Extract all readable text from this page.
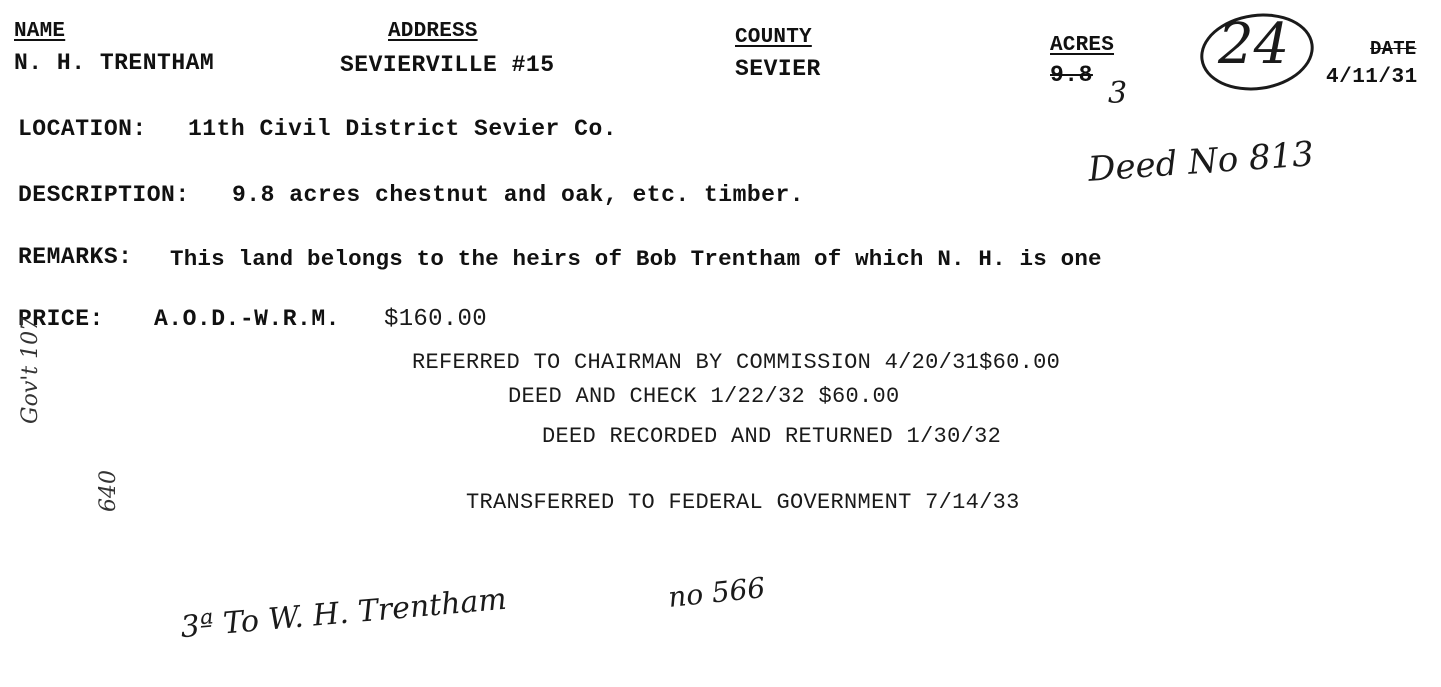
NAME
N. H. TRENTHAM
ADDRESS
SEVIERVILLE #15
COUNTY
SEVIER
ACRES
9.8
3
24	DATE
4/11/31
Deed No 813
LOCATION: 11th Civil District Sevier Co.
DESCRIPTION: 9.8 acres chestnut and oak, etc. timber.
REMARKS: This land belongs to the heirs of Bob Trentham of which N. H. is one
PRICE: A.O.D.-W.R.M. $160.00
REFERRED TO CHAIRMAN BY COMMISSION 4/20/31$60.00
DEED AND CHECK 1/22/32 $60.00
DEED RECORDED AND RETURNED 1/30/32
TRANSFERRED TO FEDERAL GOVERNMENT 7/14/33
Gov't 107
640
3ª To W. H. Trentham	no 566
